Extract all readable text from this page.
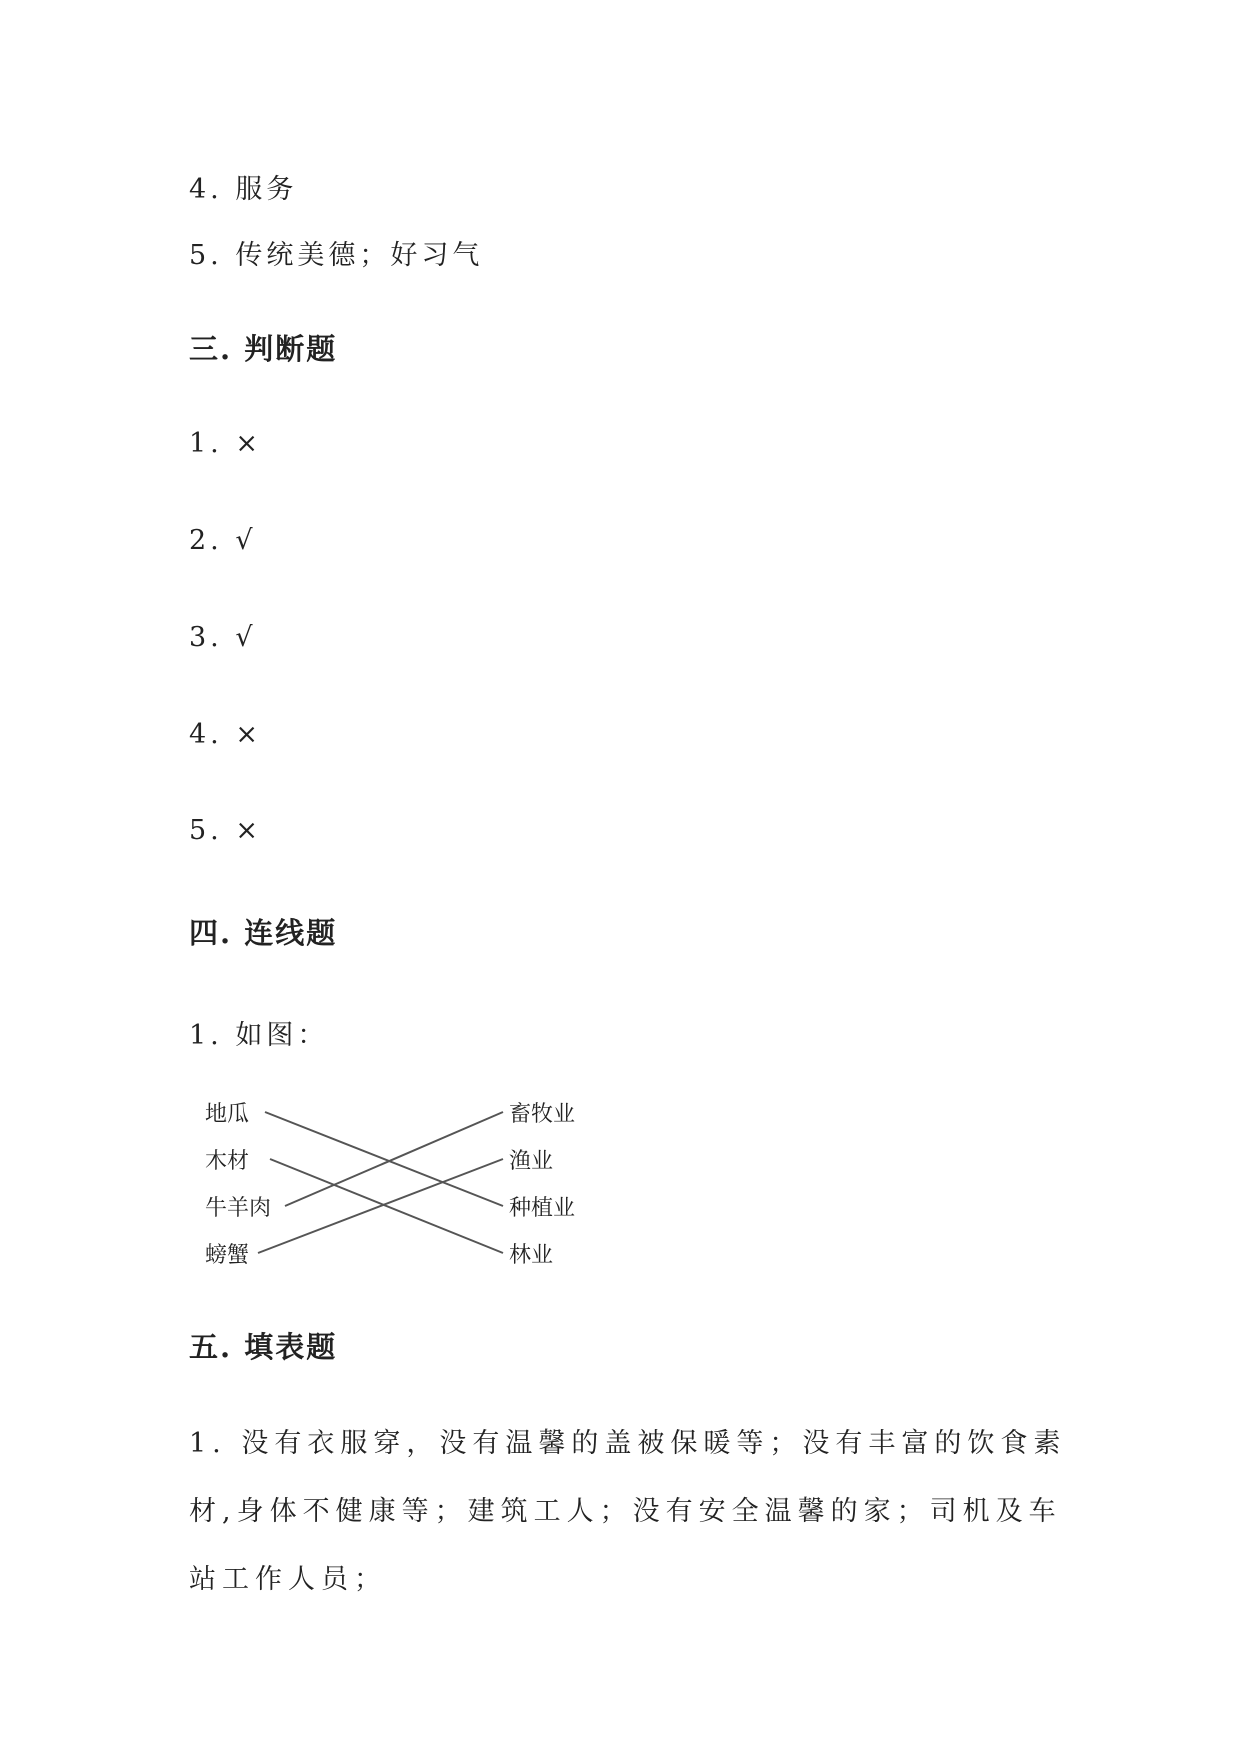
4. 服务
5. 传统美德；好习气
三. 判断题
1. ×
2. √
3. √
4. ×
5. ×
四. 连线题
1. 如图：
地瓜
木材
牛羊肉
螃蟹
畜牧业
渔业
种植业
林业
五. 填表题
1. 没有衣服穿，没有温馨的盖被保暖等；没有丰富的饮食素材,身体不健康等；建筑工人；没有安全温馨的家；司机及车站工作人员；
